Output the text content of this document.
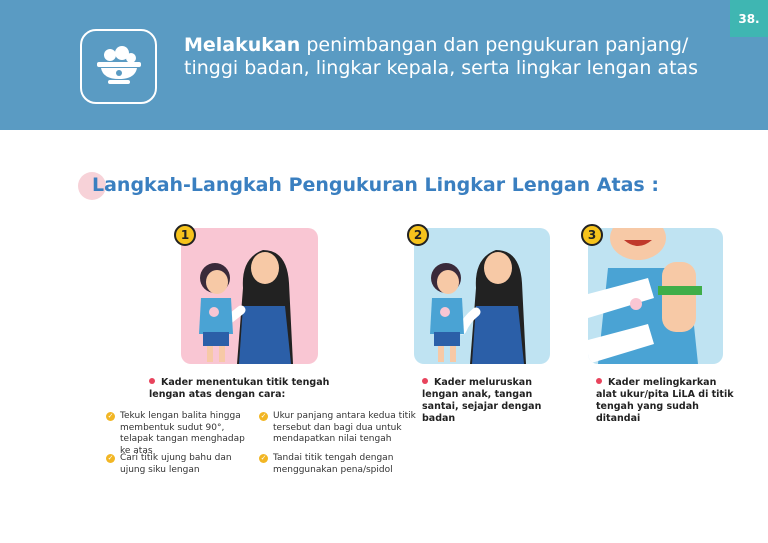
Melakukan penimbangan dan pengukuran panjang/ tinggi badan, lingkar kepala, serta lingkar lengan atas
38.
Langkah-Langkah Pengukuran Lingkar Lengan Atas :
1	2	3
Kader menentukan titik tengah lengan atas dengan cara:
✓ Tekuk lengan balita hingga membentuk sudut 90°, telapak tangan menghadap ke atas
✓ Ukur panjang antara kedua titik tersebut dan bagi dua untuk mendapatkan nilai tengah
✓ Cari titik ujung bahu dan ujung siku lengan
✓ Tandai titik tengah dengan menggunakan pena/spidol
Kader meluruskan lengan anak, tangan santai, sejajar dengan badan
Kader melingkarkan alat ukur/pita LiLA di titik tengah yang sudah ditandai
